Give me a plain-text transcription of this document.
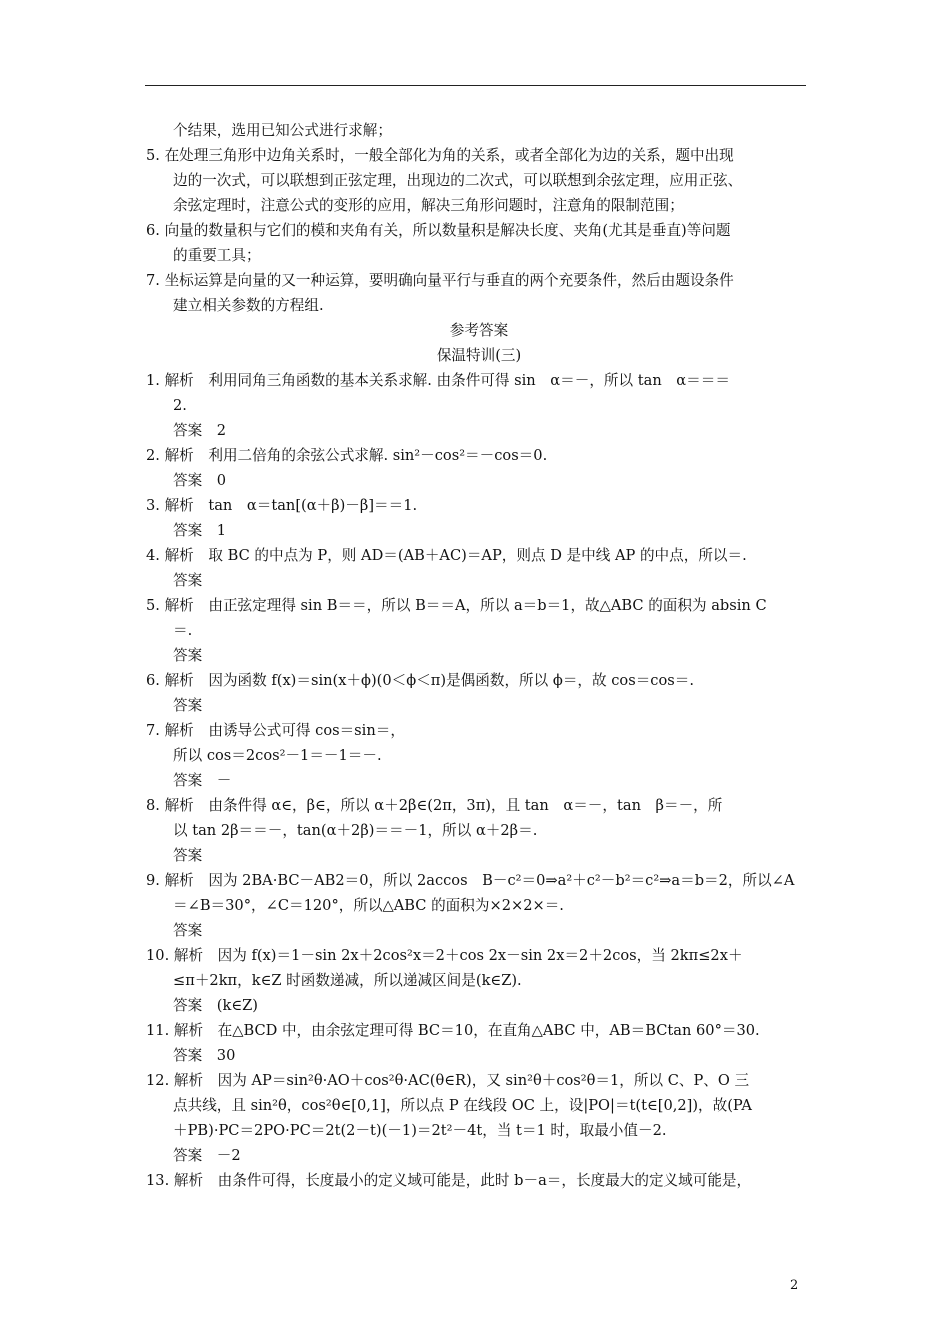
个结果，选用已知公式进行求解；
5. 在处理三角形中边角关系时，一般全部化为角的关系，或者全部化为边的关系，题中出现
边的一次式，可以联想到正弦定理，出现边的二次式，可以联想到余弦定理，应用正弦、
余弦定理时，注意公式的变形的应用，解决三角形问题时，注意角的限制范围；
6. 向量的数量积与它们的模和夹角有关，所以数量积是解决长度、夹角(尤其是垂直)等问题
的重要工具；
7. 坐标运算是向量的又一种运算，要明确向量平行与垂直的两个充要条件，然后由题设条件
建立相关参数的方程组.
参考答案
保温特训(三)
1. 解析　利用同角三角函数的基本关系求解. 由条件可得 sin　α＝－，所以 tan　α＝＝＝
2.
答案　2
2. 解析　利用二倍角的余弦公式求解. sin²－cos²＝－cos＝0.
答案　0
3. 解析　tan　α＝tan[(α＋β)－β]＝＝1.
答案　1
4. 解析　取 BC 的中点为 P，则 AD＝(AB＋AC)＝AP，则点 D 是中线 AP 的中点，所以＝.
答案
5. 解析　由正弦定理得 sin B＝＝，所以 B＝＝A，所以 a＝b＝1，故△ABC 的面积为 absin C
＝.
答案
6. 解析　因为函数 f(x)＝sin(x＋ϕ)(0＜ϕ＜π)是偶函数，所以 ϕ＝，故 cos＝cos＝.
答案
7. 解析　由诱导公式可得 cos＝sin＝，
所以 cos＝2cos²－1＝－1＝－.
答案　－
8. 解析　由条件得 α∈，β∈，所以 α＋2β∈(2π，3π)，且 tan　α＝－，tan　β＝－，所
以 tan 2β＝＝－，tan(α＋2β)＝＝－1，所以 α＋2β＝.
答案
9. 解析　因为 2BA·BC－AB2＝0，所以 2accos　B－c²＝0⇒a²＋c²－b²＝c²⇒a＝b＝2，所以∠A
＝∠B＝30°，∠C＝120°，所以△ABC 的面积为×2×2×＝.
答案
10. 解析　因为 f(x)＝1－sin 2x＋2cos²x＝2＋cos 2x－sin 2x＝2＋2cos，当 2kπ≤2x＋
≤π＋2kπ，k∈Z 时函数递减，所以递减区间是(k∈Z).
答案　(k∈Z)
11. 解析　在△BCD 中，由余弦定理可得 BC＝10，在直角△ABC 中，AB＝BCtan 60°＝30.
答案　30
12. 解析　因为 AP＝sin²θ·AO＋cos²θ·AC(θ∈R)，又 sin²θ＋cos²θ＝1，所以 C、P、O 三
点共线，且 sin²θ，cos²θ∈[0,1]，所以点 P 在线段 OC 上，设|PO|＝t(t∈[0,2])，故(PA
＋PB)·PC＝2PO·PC＝2t(2－t)(－1)＝2t²－4t，当 t＝1 时，取最小值－2.
答案　－2
13. 解析　由条件可得，长度最小的定义域可能是，此时 b－a＝，长度最大的定义域可能是，
2
